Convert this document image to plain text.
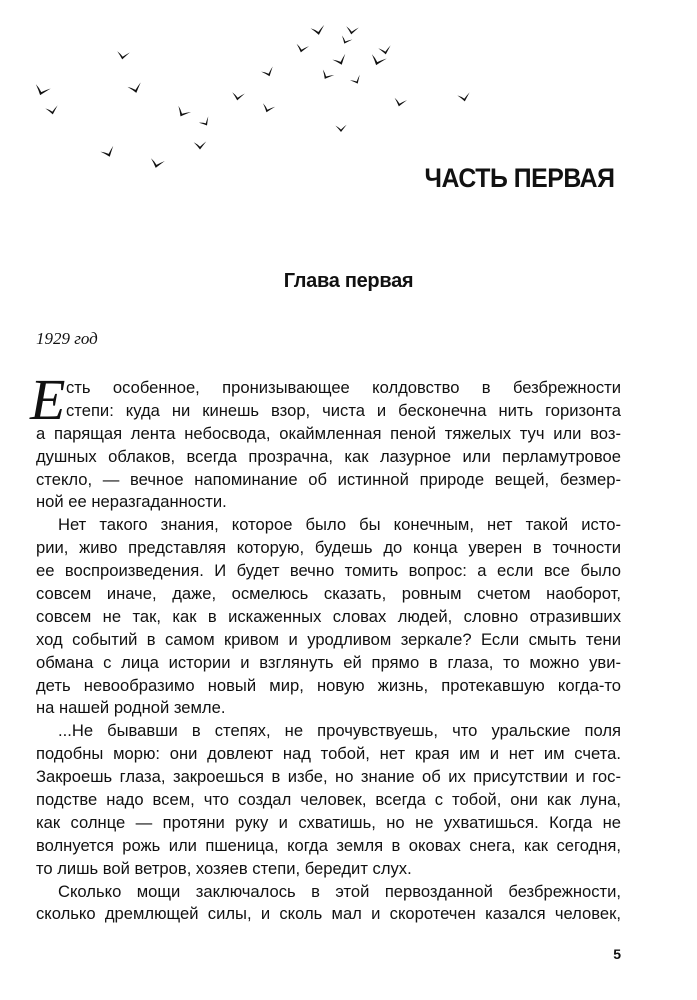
ЧАСТЬ ПЕРВАЯ
Глава первая

1929 год

Е сть особенное, пронизывающее колдовство в безбрежности
степи: куда ни кинешь взор, чиста и бесконечна нить горизонта
а парящая лента небосвода, окаймленная пеной тяжелых туч или воз-
душных облаков, всегда прозрачна, как лазурное или перламутровое
стекло, — вечное напоминание об истинной природе вещей, безмер-
ной ее неразгаданности.
Нет такого знания, которое было бы конечным, нет такой исто-
рии, живо представляя которую, будешь до конца уверен в точности
ее воспроизведения. И будет вечно томить вопрос: а если все было
совсем иначе, даже, осмелюсь сказать, ровным счетом наоборот,
совсем не так, как в искаженных словах людей, словно отразивших
ход событий в самом кривом и уродливом зеркале? Если смыть тени
обмана с лица истории и взглянуть ей прямо в глаза, то можно уви-
деть невообразимо новый мир, новую жизнь, протекавшую когда-то
на нашей родной земле.
...Не бывавши в степях, не прочувствуешь, что уральские поля
подобны морю: они довлеют над тобой, нет края им и нет им счета.
Закроешь глаза, закроешься в избе, но знание об их присутствии и гос-
подстве надо всем, что создал человек, всегда с тобой, они как луна,
как солнце — протяни руку и схватишь, но не ухватишься. Когда не
волнуется рожь или пшеница, когда земля в оковах снега, как сегодня,
то лишь вой ветров, хозяев степи, бередит слух.
Сколько мощи заключалось в этой первозданной безбрежности,
сколько дремлющей силы, и сколь мал и скоротечен казался человек,

5
